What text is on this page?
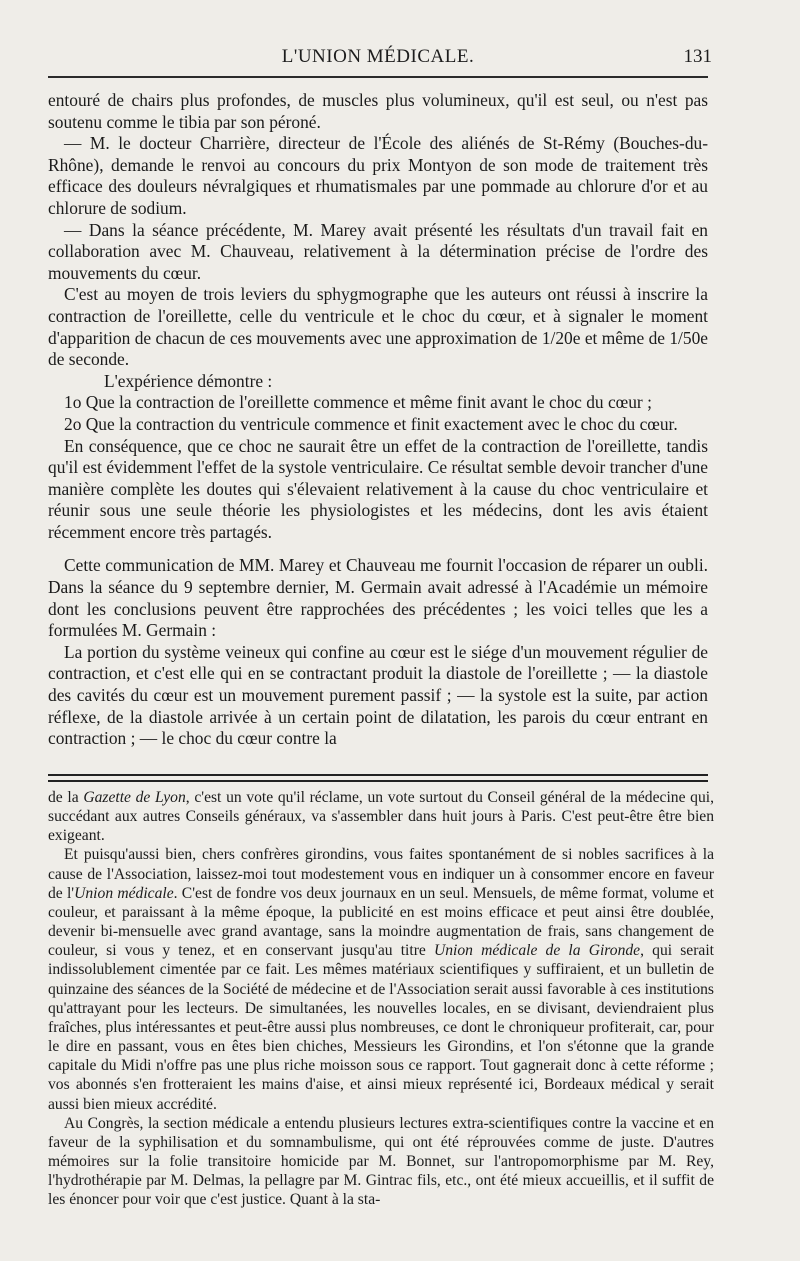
L'UNION MÉDICALE.	131

entouré de chairs plus profondes, de muscles plus volumineux, qu'il est seul, ou n'est pas soutenu comme le tibia par son péroné.

— M. le docteur Charrière, directeur de l'École des aliénés de St-Rémy (Bouches-du-Rhône), demande le renvoi au concours du prix Montyon de son mode de traitement très efficace des douleurs névralgiques et rhumatismales par une pommade au chlorure d'or et au chlorure de sodium.

— Dans la séance précédente, M. Marey avait présenté les résultats d'un travail fait en collaboration avec M. Chauveau, relativement à la détermination précise de l'ordre des mouvements du cœur.

C'est au moyen de trois leviers du sphygmographe que les auteurs ont réussi à inscrire la contraction de l'oreillette, celle du ventricule et le choc du cœur, et à signaler le moment d'apparition de chacun de ces mouvements avec une approximation de 1/20e et même de 1/50e de seconde.

L'expérience démontre :

1o Que la contraction de l'oreillette commence et même finit avant le choc du cœur ;

2o Que la contraction du ventricule commence et finit exactement avec le choc du cœur.

En conséquence, que ce choc ne saurait être un effet de la contraction de l'oreillette, tandis qu'il est évidemment l'effet de la systole ventriculaire. Ce résultat semble devoir trancher d'une manière complète les doutes qui s'élevaient relativement à la cause du choc ventriculaire et réunir sous une seule théorie les physiologistes et les médecins, dont les avis étaient récemment encore très partagés.

Cette communication de MM. Marey et Chauveau me fournit l'occasion de réparer un oubli. Dans la séance du 9 septembre dernier, M. Germain avait adressé à l'Académie un mémoire dont les conclusions peuvent être rapprochées des précédentes ; les voici telles que les a formulées M. Germain :

La portion du système veineux qui confine au cœur est le siége d'un mouvement régulier de contraction, et c'est elle qui en se contractant produit la diastole de l'oreillette ; — la diastole des cavités du cœur est un mouvement purement passif ; — la systole est la suite, par action réflexe, de la diastole arrivée à un certain point de dilatation, les parois du cœur entrant en contraction ; — le choc du cœur contre la

de la Gazette de Lyon, c'est un vote qu'il réclame, un vote surtout du Conseil général de la médecine qui, succédant aux autres Conseils généraux, va s'assembler dans huit jours à Paris. C'est peut-être être bien exigeant.

Et puisqu'aussi bien, chers confrères girondins, vous faites spontanément de si nobles sacrifices à la cause de l'Association, laissez-moi tout modestement vous en indiquer un à consommer encore en faveur de l'Union médicale. C'est de fondre vos deux journaux en un seul. Mensuels, de même format, volume et couleur, et paraissant à la même époque, la publicité en est moins efficace et peut ainsi être doublée, devenir bi-mensuelle avec grand avantage, sans la moindre augmentation de frais, sans changement de couleur, si vous y tenez, et en conservant jusqu'au titre Union médicale de la Gironde, qui serait indissolublement cimentée par ce fait. Les mêmes matériaux scientifiques y suffiraient, et un bulletin de quinzaine des séances de la Société de médecine et de l'Association serait aussi favorable à ces institutions qu'attrayant pour les lecteurs. De simultanées, les nouvelles locales, en se divisant, deviendraient plus fraîches, plus intéressantes et peut-être aussi plus nombreuses, ce dont le chroniqueur profiterait, car, pour le dire en passant, vous en êtes bien chiches, Messieurs les Girondins, et l'on s'étonne que la grande capitale du Midi n'offre pas une plus riche moisson sous ce rapport. Tout gagnerait donc à cette réforme ; vos abonnés s'en frotteraient les mains d'aise, et ainsi mieux représenté ici, Bordeaux médical y serait aussi bien mieux accrédité.

Au Congrès, la section médicale a entendu plusieurs lectures extra-scientifiques contre la vaccine et en faveur de la syphilisation et du somnambulisme, qui ont été réprouvées comme de juste. D'autres mémoires sur la folie transitoire homicide par M. Bonnet, sur l'antropomorphisme par M. Rey, l'hydrothérapie par M. Delmas, la pellagre par M. Gintrac fils, etc., ont été mieux accueillis, et il suffit de les énoncer pour voir que c'est justice. Quant à la sta-
